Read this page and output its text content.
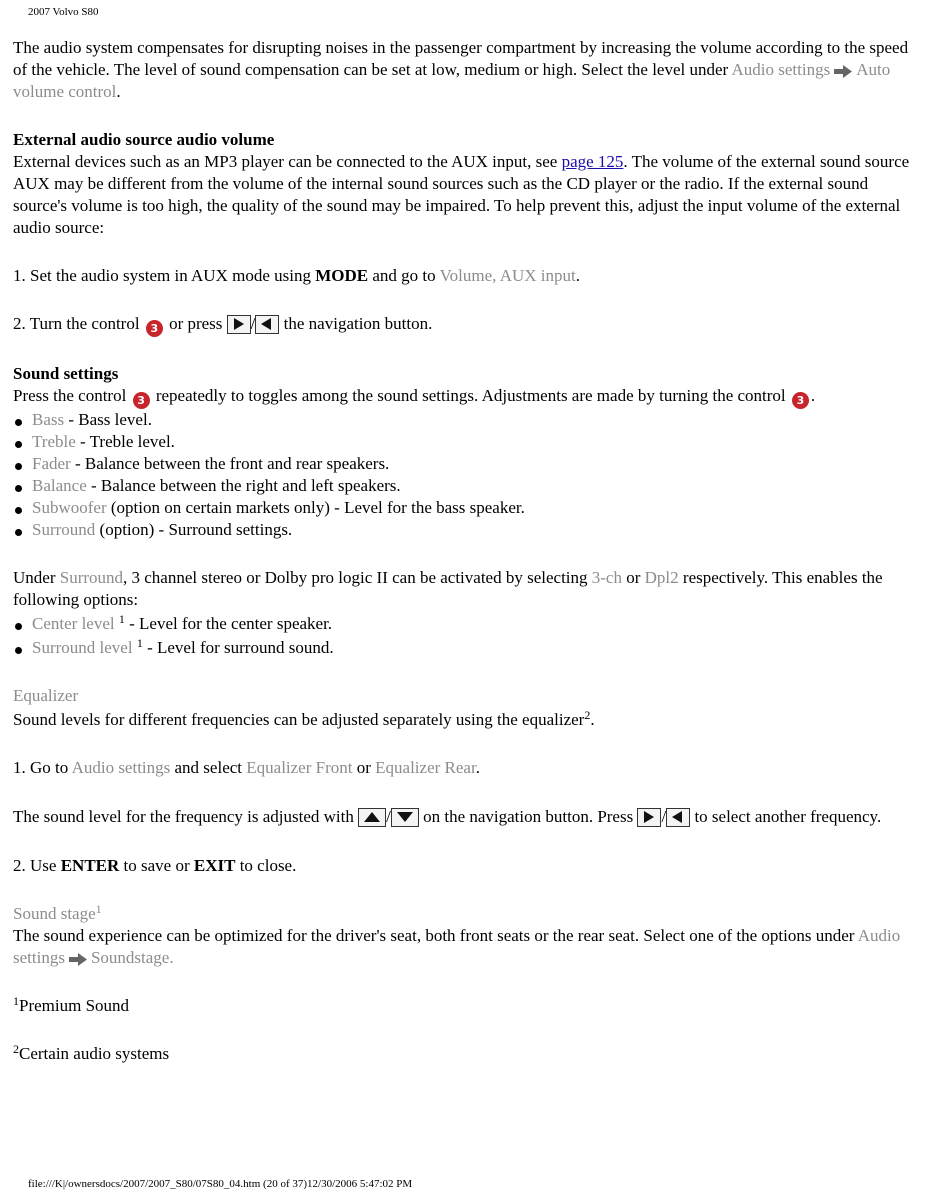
2007 Volvo S80

The audio system compensates for disrupting noises in the passenger compartment by increasing the volume according to the speed of the vehicle. The level of sound compensation can be set at low, medium or high. Select the level under Audio settings Auto volume control.

External audio source audio volume

External devices such as an MP3 player can be connected to the AUX input, see page 125. The volume of the external sound source AUX may be different from the volume of the internal sound sources such as the CD player or the radio. If the external sound source's volume is too high, the quality of the sound may be impaired. To help prevent this, adjust the input volume of the external audio source:

1. Set the audio system in AUX mode using MODE and go to Volume, AUX input.

2. Turn the control 3 or press
/
the navigation button.

Sound settings

Press the control 3 repeatedly to toggles among the sound settings. Adjustments are made by turning the control 3 .

Bass - Bass level.
Treble - Treble level.
Fader - Balance between the front and rear speakers.
Balance - Balance between the right and left speakers.
Subwoofer (option on certain markets only) - Level for the bass speaker.
Surround (option) - Surround settings.

Under Surround, 3 channel stereo or Dolby pro logic II can be activated by selecting 3-ch or Dpl2 respectively. This enables the following options:

Center level $^1$ - Level for the center speaker.
Surround level $^1$ - Level for surround sound.

Equalizer

Sound levels for different frequencies can be adjusted separately using the equalizer$^2$.

1. Go to Audio settings and select Equalizer Front or Equalizer Rear.

The sound level for the frequency is adjusted with
/
on the navigation button. Press
/
to select another frequency.

2. Use ENTER to save or EXIT to close.

Sound stage$^1$

The sound experience can be optimized for the driver's seat, both front seats or the rear seat. Select one of the options under Audio settings Soundstage.

$^1$Premium Sound

$^2$Certain audio systems

file:///K|/ownersdocs/2007/2007_S80/07S80_04.htm (20 of 37)12/30/2006 5:47:02 PM
